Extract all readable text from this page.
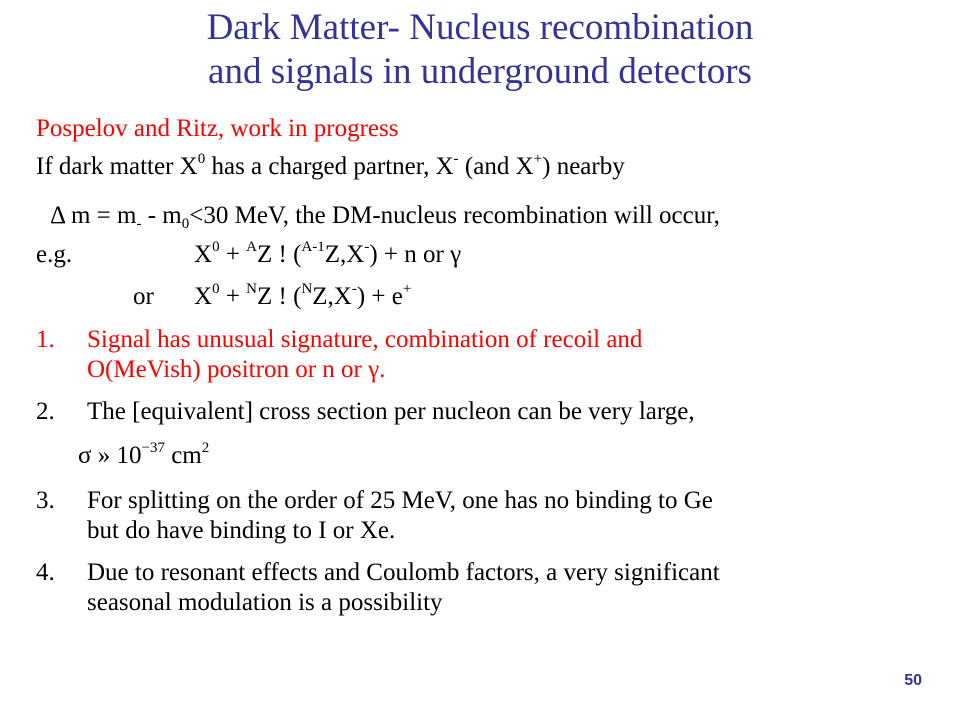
Dark Matter- Nucleus recombination
and signals in underground detectors
Pospelov and Ritz, work in progress
If dark matter $X^0$ has a charged partner, X- (and X+) nearby
Δ $m = m_- - m_0<30$ MeV, the DM-nucleus recombination will occur,
e.g.	$X^0 + ^AZ$ ! ($^{A-1}$Z,X-) + n or γ
or $X^0 + ^NZ$ ! ($^N$Z,X-) + e+
1. Signal has unusual signature, combination of recoil and
O(MeVish) positron or n or γ.
2. The [equivalent] cross section per nucleon can be very large,
σ » $10^{-37}$ $cm^2$
3. For splitting on the order of 25 MeV, one has no binding to Ge
but do have binding to I or Xe.
4. Due to resonant effects and Coulomb factors, a very significant
seasonal modulation is a possibility
50
